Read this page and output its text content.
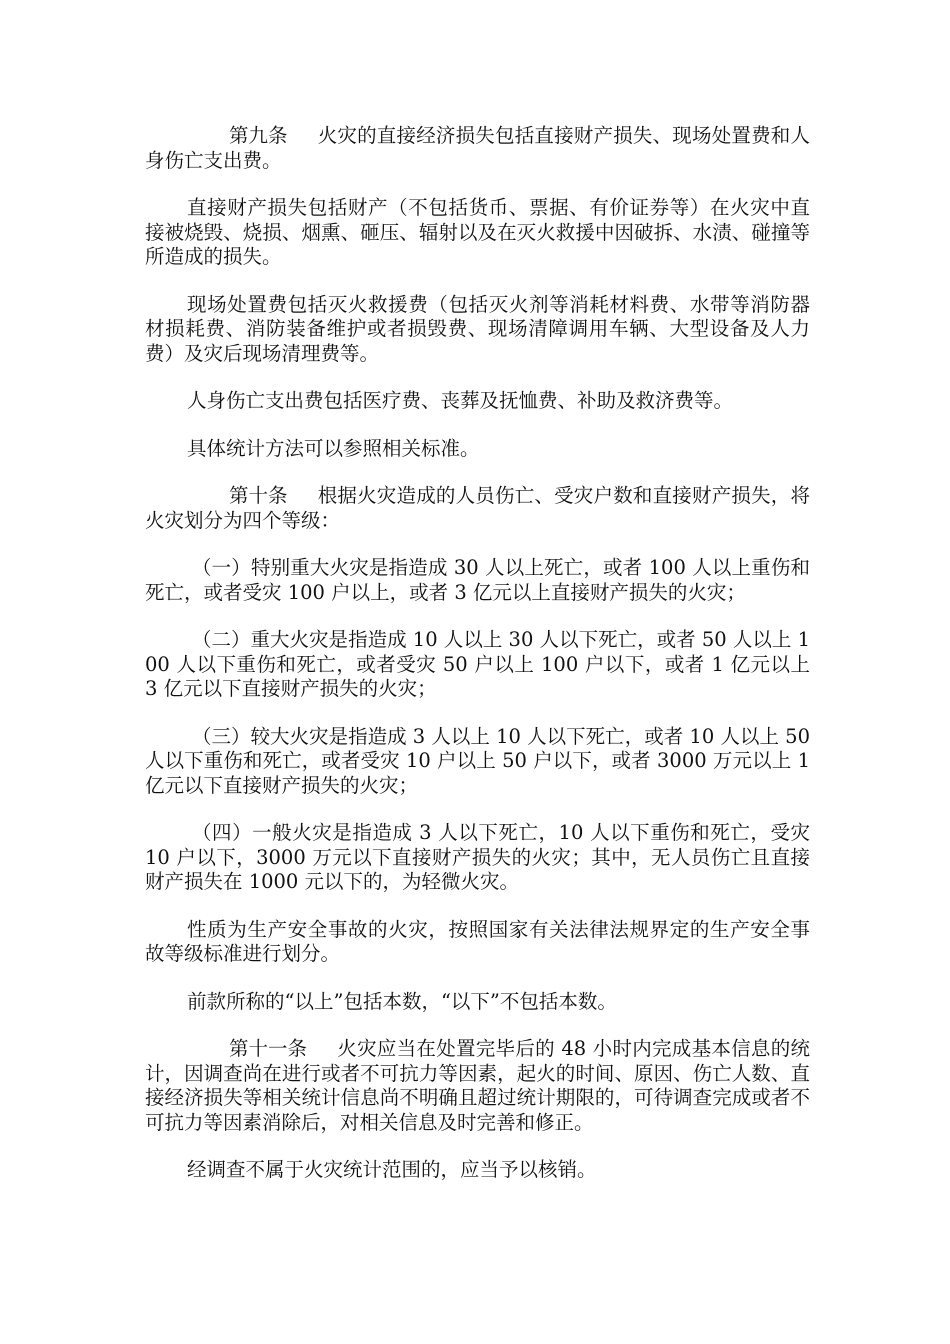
第九条 火灾的直接经济损失包括直接财产损失、现场处置费和人身伤亡支出费。

直接财产损失包括财产（不包括货币、票据、有价证券等）在火灾中直接被烧毁、烧损、烟熏、砸压、辐射以及在灭火救援中因破拆、水渍、碰撞等所造成的损失。

现场处置费包括灭火救援费（包括灭火剂等消耗材料费、水带等消防器材损耗费、消防装备维护或者损毁费、现场清障调用车辆、大型设备及人力费）及灾后现场清理费等。

人身伤亡支出费包括医疗费、丧葬及抚恤费、补助及救济费等。

具体统计方法可以参照相关标准。

第十条 根据火灾造成的人员伤亡、受灾户数和直接财产损失，将火灾划分为四个等级：

（一）特别重大火灾是指造成 30 人以上死亡，或者 100 人以上重伤和死亡，或者受灾 100 户以上，或者 3 亿元以上直接财产损失的火灾；

（二）重大火灾是指造成 10 人以上 30 人以下死亡，或者 50 人以上 100 人以下重伤和死亡，或者受灾 50 户以上 100 户以下，或者 1 亿元以上 3 亿元以下直接财产损失的火灾；

（三）较大火灾是指造成 3 人以上 10 人以下死亡，或者 10 人以上 50 人以下重伤和死亡，或者受灾 10 户以上 50 户以下，或者 3000 万元以上 1 亿元以下直接财产损失的火灾；

（四）一般火灾是指造成 3 人以下死亡，10 人以下重伤和死亡，受灾 10 户以下，3000 万元以下直接财产损失的火灾；其中，无人员伤亡且直接财产损失在 1000 元以下的，为轻微火灾。

性质为生产安全事故的火灾，按照国家有关法律法规界定的生产安全事故等级标准进行划分。

前款所称的“以上”包括本数，“以下”不包括本数。

第十一条 火灾应当在处置完毕后的 48 小时内完成基本信息的统计，因调查尚在进行或者不可抗力等因素，起火的时间、原因、伤亡人数、直接经济损失等相关统计信息尚不明确且超过统计期限的，可待调查完成或者不可抗力等因素消除后，对相关信息及时完善和修正。

经调查不属于火灾统计范围的，应当予以核销。
